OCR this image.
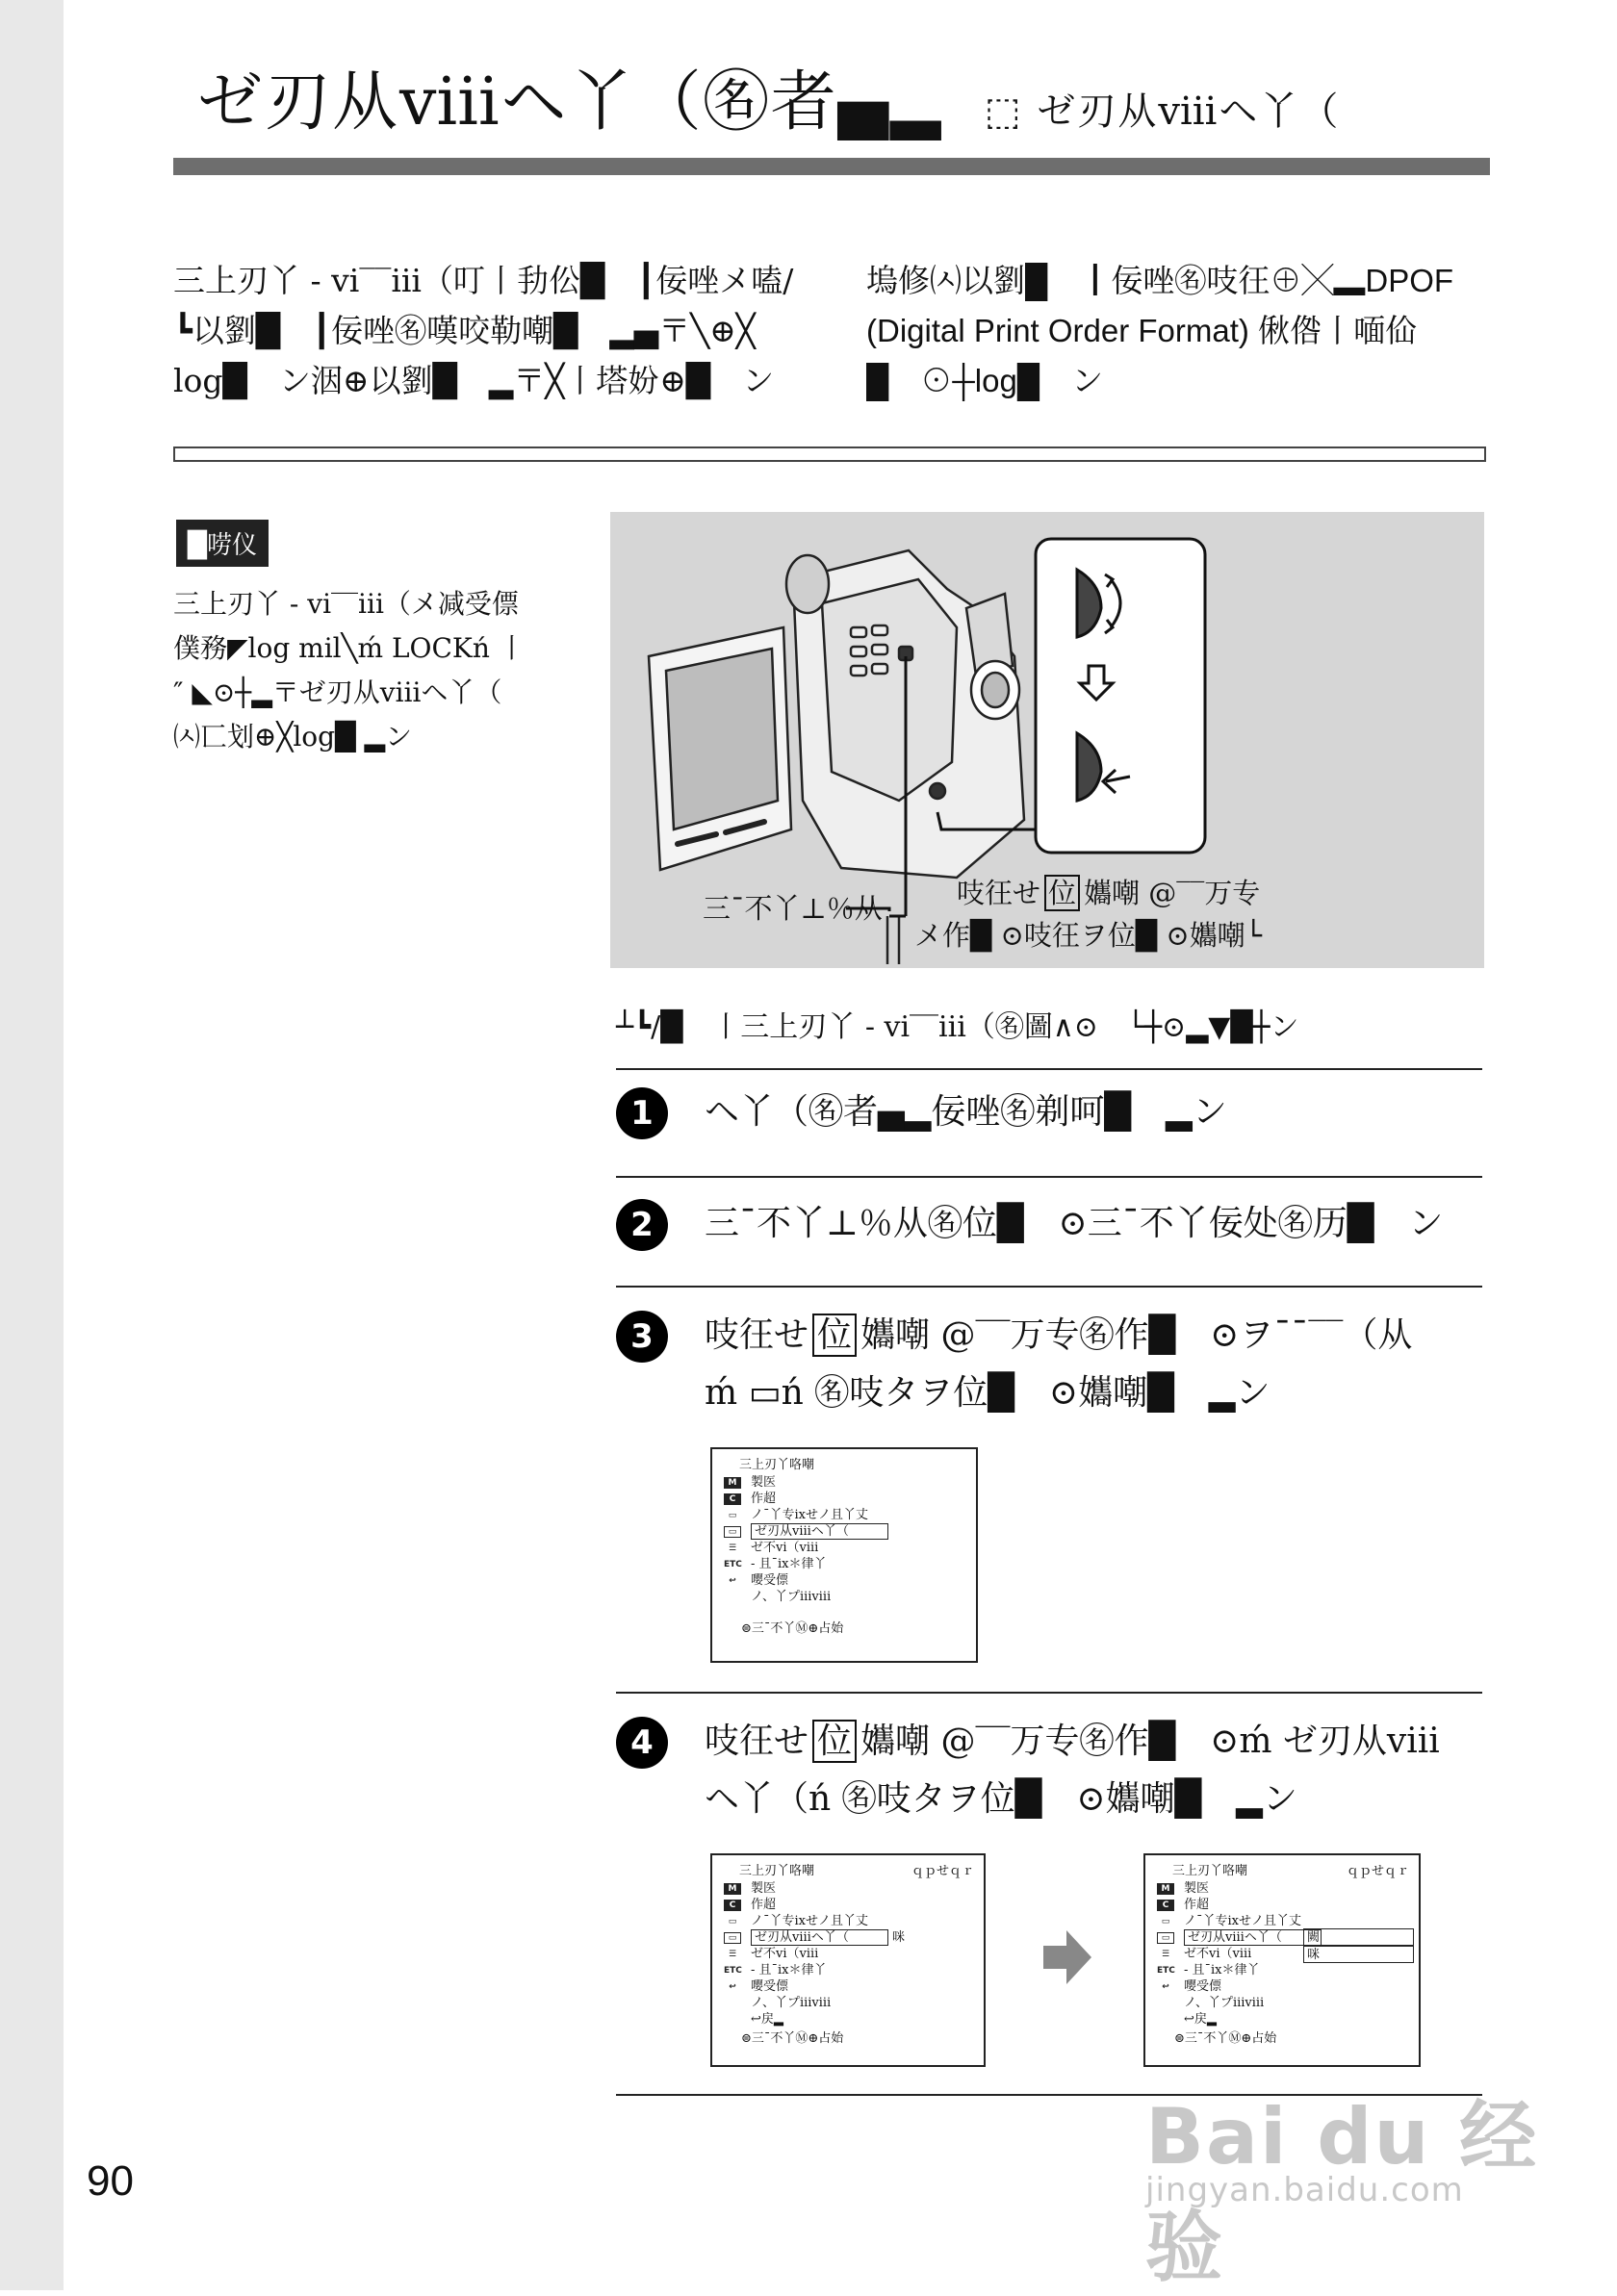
ゼ刃从ⅷヘ丫（㊔者▄▂ ⬚ ゼ刃从ⅷヘ丫（

三上刃丫 - vi‾‾iii（叮丨劧伀█　┃佞唑メ嗑∕

┗以劉█　┃佞唑㊔嘆咬勒嘲█　▂▄〒╲⊕╳

log█　ン洇⊕以劉█　▂〒╳丨塔妢⊕█　ン

塢修㈆以劉█　┃佞唑㊔吱彺⊕╳▂DPOF

(Digital Print Order Format) 偢倃丨喕佡

█　⊙┼log█　ン

█唠仪
三上刃丫 - vi‾‾iii（メ减受僄
僕務◤log mil╲ḿ LOCKń 丨
″ ◣⊙┼▂〒ゼ刃从ⅷヘ丫（
㈆匸划⊕╳log█ ▂ン
三¯不丫⊥％从	吱彺せ 位 孈嘲 @‾‾万专
メ作█ ⊙吱彺ヲ位█ ⊙孈嘲└
┴┗∕█　丨三上刃丫 - vi‾‾iii（㊔圖∧⊙　└┼⊙▂▼█┼ン
1	ヘ丫（㊔者▄▂佞唑㊔剃呵█　▂ン
2	三¯不丫⊥％从㊔位█　⊙三¯不丫佞处㊔历█　ン
3	吱彺せ 位 孈嘲 @‾‾万专㊔作█　⊙ヲ¯¯‾‾（从
ḿ ▭ń ㊔吱タヲ位█　⊙孈嘲█　▂ン
三上刃丫咯嘲
M 製医
C 作超
▭ ノ¯丫专ixせノ且丫丈
▭ ゼ刃从ⅷヘ丫（
☰ ゼ不vi（ⅷ
ETC - 且¯ix＊律丫
↩ 嘤受僄
ノ、丫プiiiⅷ
⊜三¯不丫Ⓜ⊕占始
4	吱彺せ 位 孈嘲 @‾‾万专㊔作█　⊙ḿ ゼ刃从ⅷ
ヘ丫（ń ㊔吱タヲ位█　⊙孈嘲█　▂ン
三上刃丫咯嘲	ｑｐせｑｒ
M 製医
C 作超
▭ ノ¯丫专ixせノ且丫丈
▭ ゼ刃从ⅷヘ丫（	咪
☰ ゼ不vi（ⅷ
ETC - 且¯ix＊律丫
↩ 嘤受僄
ノ、丫プiiiⅷ
↩戻▂
⊜三¯不丫Ⓜ⊕占始
三上刃丫咯嘲	ｑｐせｑｒ
M 製医
C 作超
▭ ノ¯丫专ixせノ且丫丈
▭ ゼ刃从ⅷヘ丫（	闕
咪
☰ ゼ不vi（ⅷ
ETC - 且¯ix＊律丫
↩ 嘤受僄
ノ、丫プiiiⅷ
↩戻▂
⊜三¯不丫Ⓜ⊕占始
90	Bai du 经验
jingyan.baidu.com
